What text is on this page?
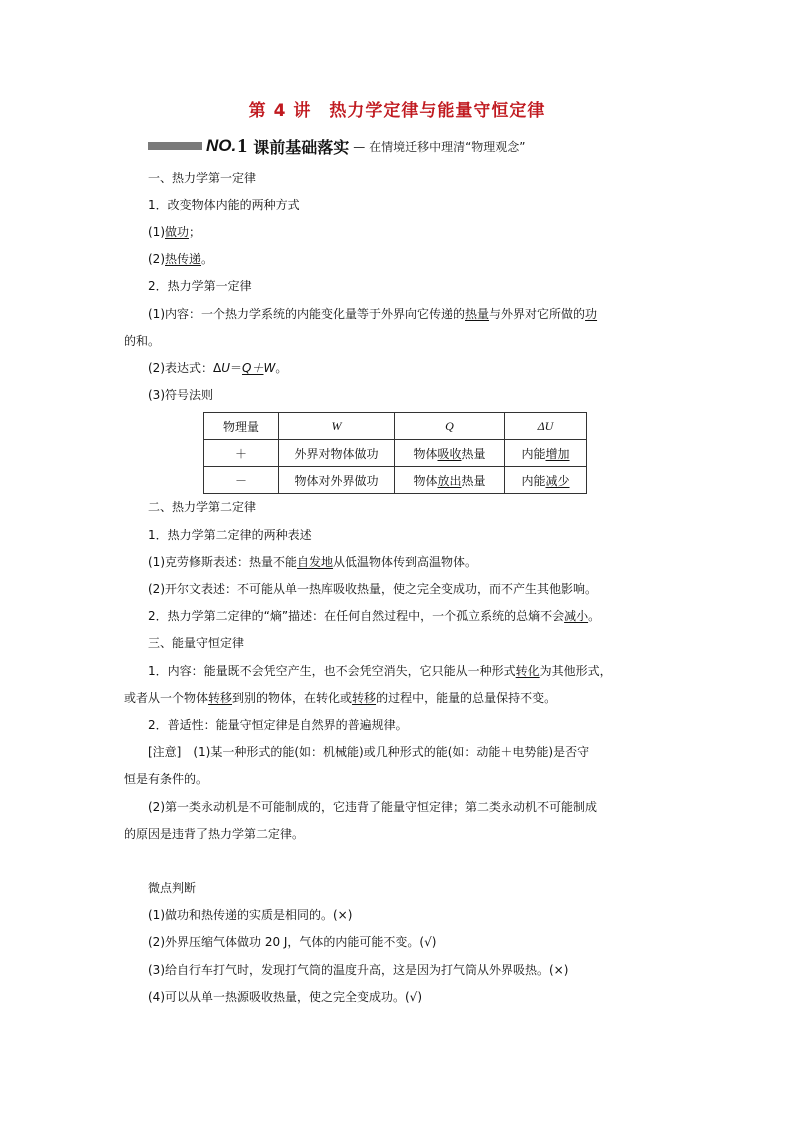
第 4 讲　热力学定律与能量守恒定律
NO. 1 课前基础落实 — 在情境迁移中理清“物理观念”
一、热力学第一定律
1．改变物体内能的两种方式
(1)做功；
(2)热传递。
2．热力学第一定律
(1)内容：一个热力学系统的内能变化量等于外界向它传递的热量与外界对它所做的功
的和。
(2)表达式：ΔU＝Q＋W。
(3)符号法则
物理量	W	Q	ΔU
＋	外界对物体做功	物体吸收热量	内能增加
－	物体对外界做功	物体放出热量	内能减少
二、热力学第二定律
1．热力学第二定律的两种表述
(1)克劳修斯表述：热量不能自发地从低温物体传到高温物体。
(2)开尔文表述：不可能从单一热库吸收热量，使之完全变成功，而不产生其他影响。
2．热力学第二定律的“熵”描述：在任何自然过程中，一个孤立系统的总熵不会减小。
三、能量守恒定律
1．内容：能量既不会凭空产生，也不会凭空消失，它只能从一种形式转化为其他形式，
或者从一个物体转移到别的物体，在转化或转移的过程中，能量的总量保持不变。
2．普适性：能量守恒定律是自然界的普遍规律。
[注意]　(1)某一种形式的能(如：机械能)或几种形式的能(如：动能＋电势能)是否守
恒是有条件的。
(2)第一类永动机是不可能制成的，它违背了能量守恒定律；第二类永动机不可能制成
的原因是违背了热力学第二定律。
微点判断
(1)做功和热传递的实质是相同的。(×)
(2)外界压缩气体做功 20 J，气体的内能可能不变。(√)
(3)给自行车打气时，发现打气筒的温度升高，这是因为打气筒从外界吸热。(×)
(4)可以从单一热源吸收热量，使之完全变成功。(√)
